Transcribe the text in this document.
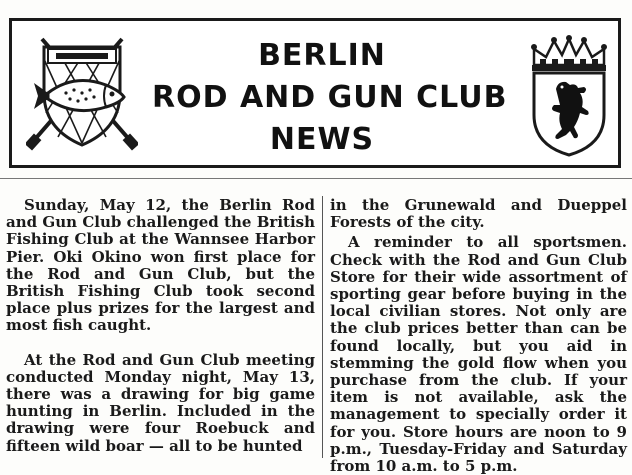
BERLIN
ROD AND GUN CLUB
NEWS

Sunday, May 12, the Berlin Rod and Gun Club challenged the British Fishing Club at the Wannsee Harbor Pier. Oki Okino won first place for the Rod and Gun Club, but the British Fishing Club took second place plus prizes for the largest and most fish caught.

At the Rod and Gun Club meeting conducted Monday night, May 13, there was a drawing for big game hunting in Berlin. Included in the drawing were four Roebuck and fifteen wild boar — all to be hunted

in the Grunewald and Dueppel Forests of the city.

A reminder to all sportsmen. Check with the Rod and Gun Club Store for their wide assortment of sporting gear before buying in the local civilian stores. Not only are the club prices better than can be found locally, but you aid in stemming the gold flow when you purchase from the club. If your item is not available, ask the management to specially order it for you. Store hours are noon to 9 p.m., Tuesday-Friday and Saturday from 10 a.m. to 5 p.m.
